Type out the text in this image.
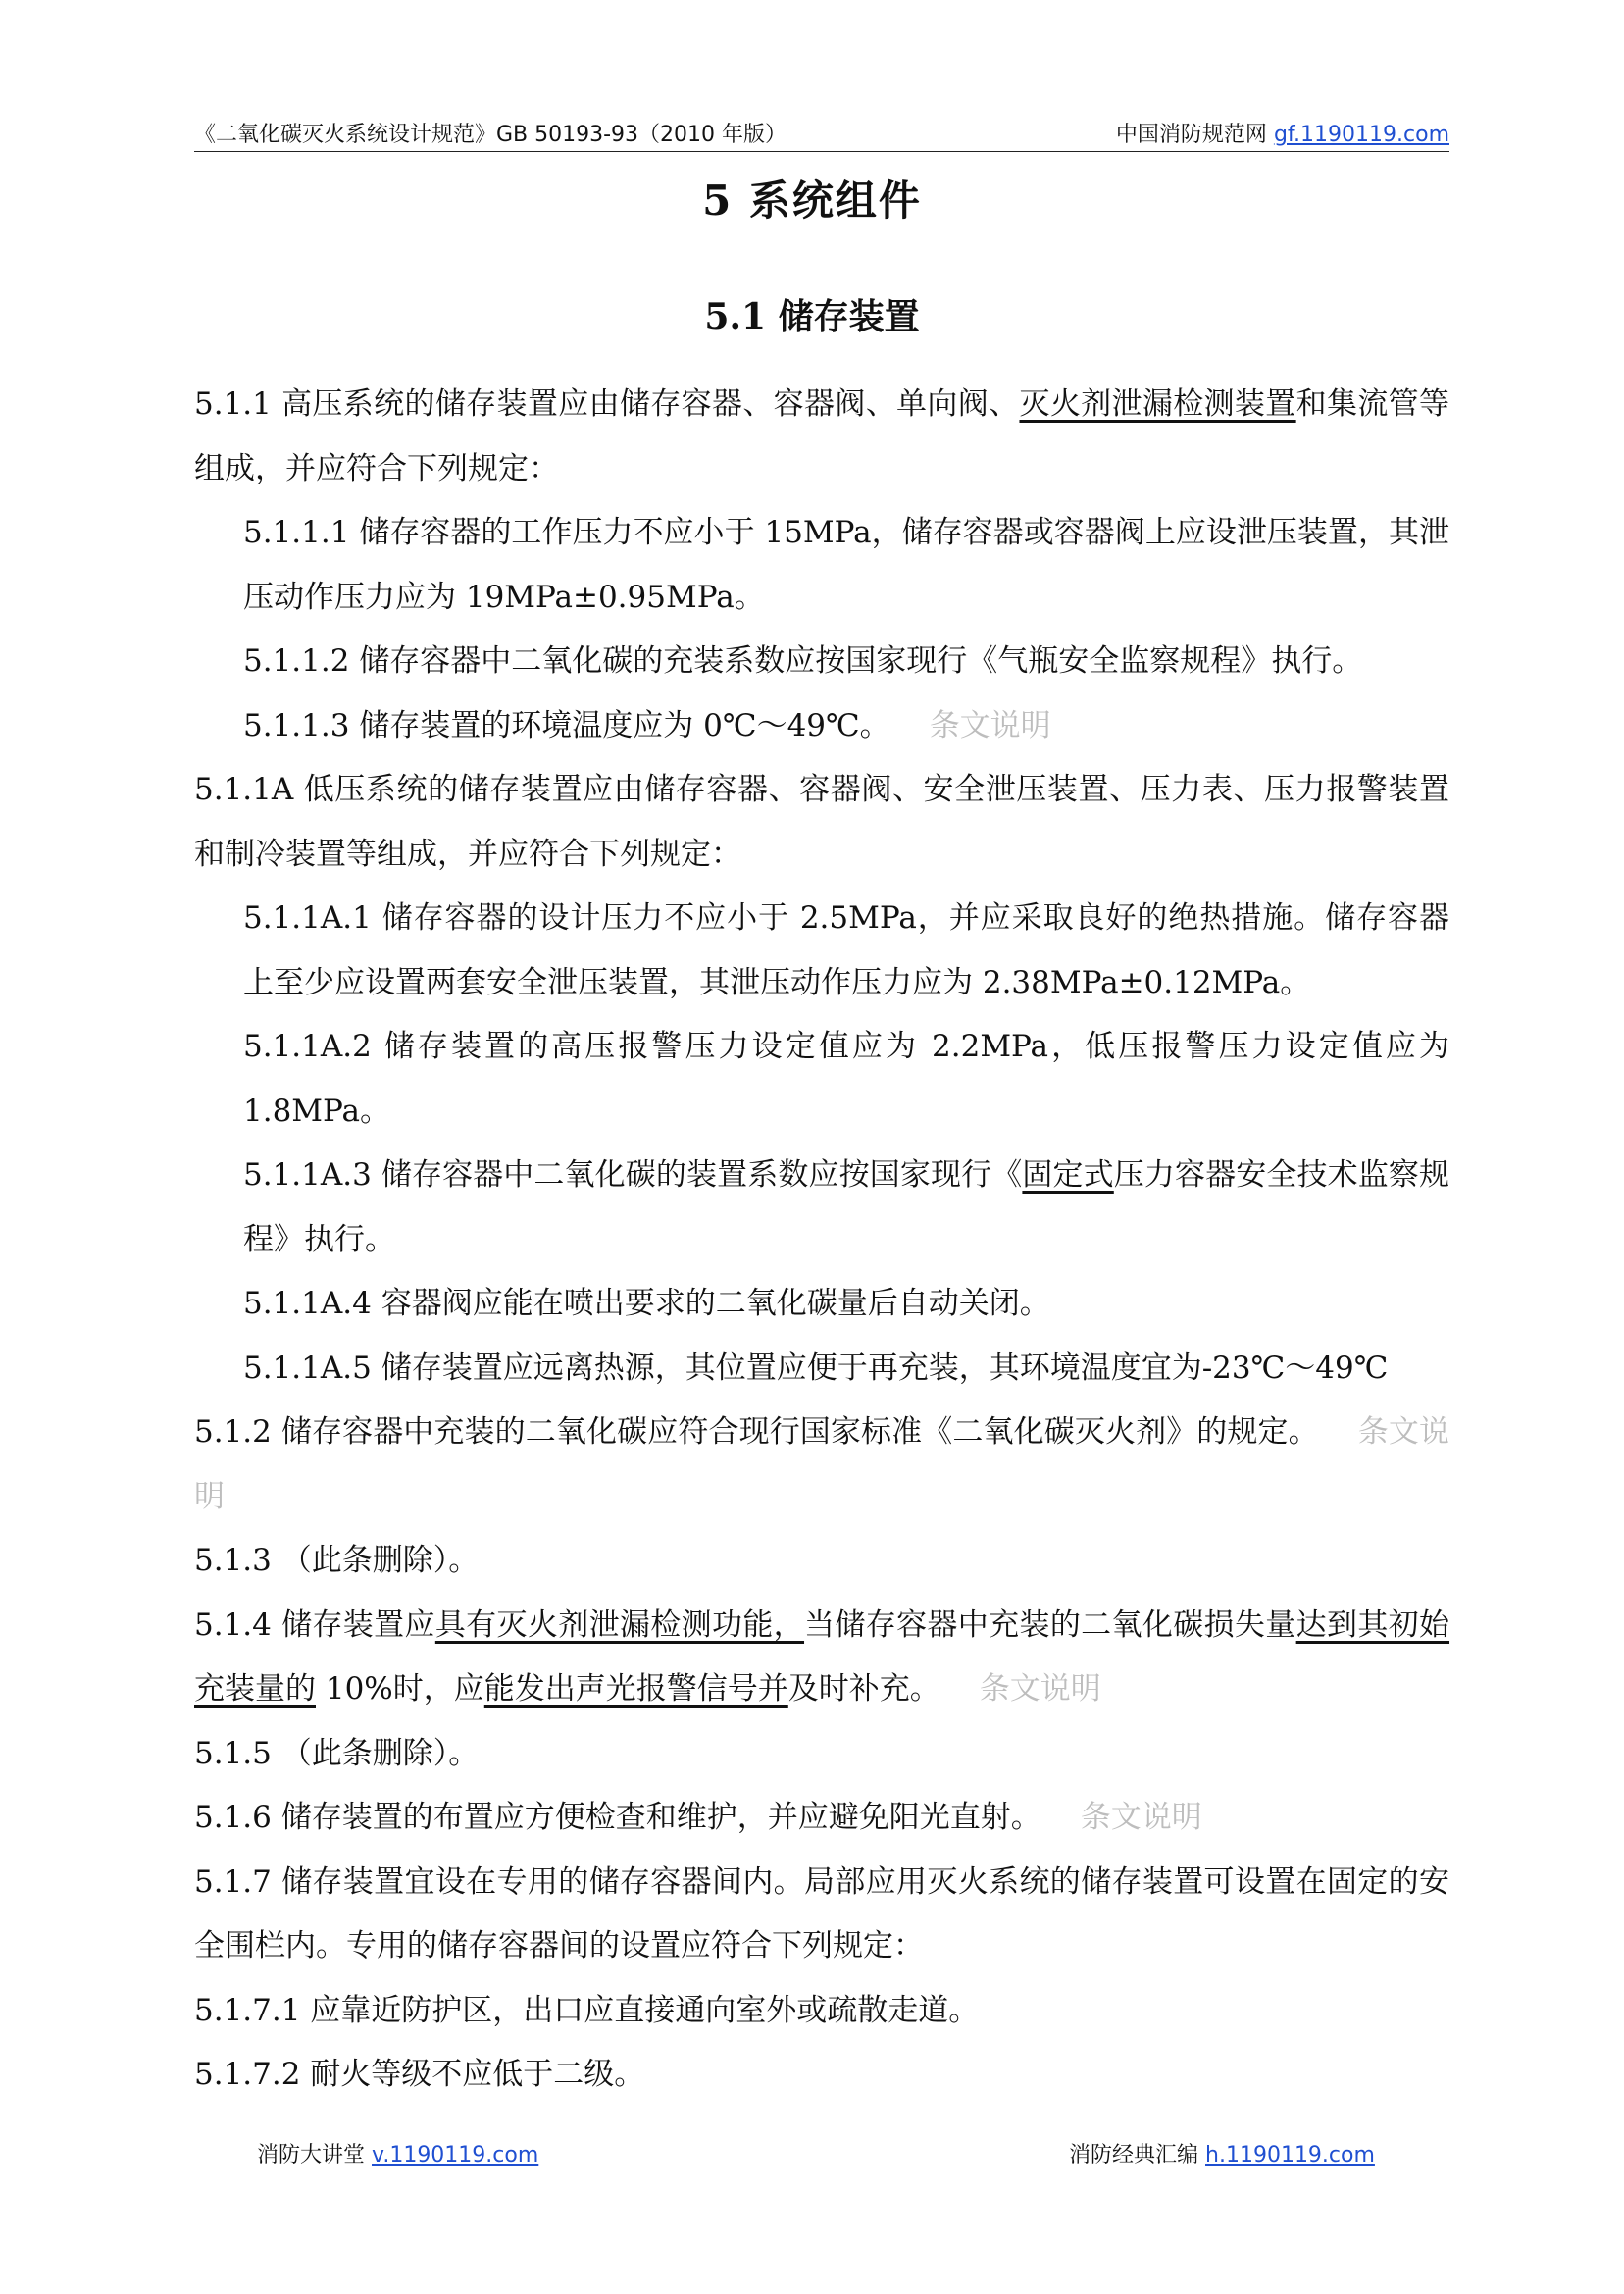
《二氧化碳灭火系统设计规范》GB 50193-93（2010 年版）	中国消防规范网 gf.1190119.com
5 系统组件
5.1 储存装置

5.1.1 高压系统的储存装置应由储存容器、容器阀、单向阀、灭火剂泄漏检测装置和集流管等组成，并应符合下列规定：

5.1.1.1 储存容器的工作压力不应小于 15MPa，储存容器或容器阀上应设泄压装置，其泄压动作压力应为 19MPa±0.95MPa。

5.1.1.2 储存容器中二氧化碳的充装系数应按国家现行《气瓶安全监察规程》执行。

5.1.1.3 储存装置的环境温度应为 0℃～49℃。 条文说明

5.1.1A 低压系统的储存装置应由储存容器、容器阀、安全泄压装置、压力表、压力报警装置和制冷装置等组成，并应符合下列规定：

5.1.1A.1 储存容器的设计压力不应小于 2.5MPa，并应采取良好的绝热措施。储存容器上至少应设置两套安全泄压装置，其泄压动作压力应为 2.38MPa±0.12MPa。

5.1.1A.2 储存装置的高压报警压力设定值应为 2.2MPa，低压报警压力设定值应为 1.8MPa。

5.1.1A.3 储存容器中二氧化碳的装置系数应按国家现行《固定式压力容器安全技术监察规程》执行。

5.1.1A.4 容器阀应能在喷出要求的二氧化碳量后自动关闭。

5.1.1A.5 储存装置应远离热源，其位置应便于再充装，其环境温度宜为-23℃～49℃

5.1.2 储存容器中充装的二氧化碳应符合现行国家标准《二氧化碳灭火剂》的规定。 条文说明

5.1.3 （此条删除）。

5.1.4 储存装置应具有灭火剂泄漏检测功能，当储存容器中充装的二氧化碳损失量达到其初始充装量的 10%时，应能发出声光报警信号并及时补充。 条文说明

5.1.5 （此条删除）。

5.1.6 储存装置的布置应方便检查和维护，并应避免阳光直射。 条文说明

5.1.7 储存装置宜设在专用的储存容器间内。局部应用灭火系统的储存装置可设置在固定的安全围栏内。专用的储存容器间的设置应符合下列规定：

5.1.7.1 应靠近防护区，出口应直接通向室外或疏散走道。

5.1.7.2 耐火等级不应低于二级。

消防大讲堂 v.1190119.com	消防经典汇编 h.1190119.com
